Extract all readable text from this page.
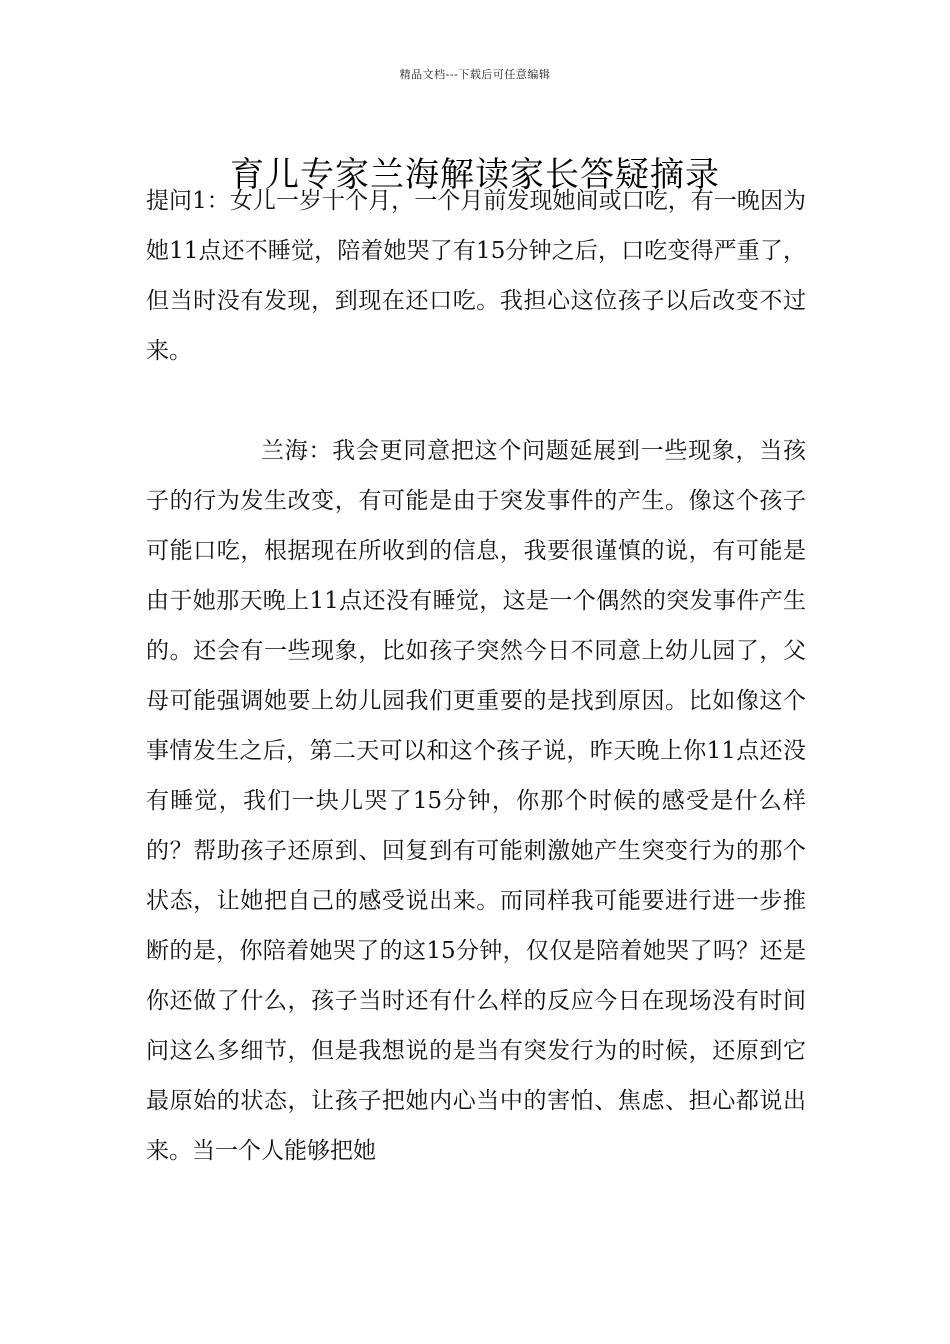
精品文档---下载后可任意编辑
育儿专家兰海解读家长答疑摘录

提问1：女儿一岁十个月，一个月前发现她间或口吃，有一晚因为她11点还不睡觉，陪着她哭了有15分钟之后，口吃变得严重了，但当时没有发现，到现在还口吃。我担心这位孩子以后改变不过来。

兰海：我会更同意把这个问题延展到一些现象，当孩子的行为发生改变，有可能是由于突发事件的产生。像这个孩子可能口吃，根据现在所收到的信息，我要很谨慎的说，有可能是由于她那天晚上11点还没有睡觉，这是一个偶然的突发事件产生的。还会有一些现象，比如孩子突然今日不同意上幼儿园了，父母可能强调她要上幼儿园我们更重要的是找到原因。比如像这个事情发生之后，第二天可以和这个孩子说，昨天晚上你11点还没有睡觉，我们一块儿哭了15分钟，你那个时候的感受是什么样的？帮助孩子还原到、回复到有可能刺激她产生突变行为的那个状态，让她把自己的感受说出来。而同样我可能要进行进一步推断的是，你陪着她哭了的这15分钟，仅仅是陪着她哭了吗？还是你还做了什么，孩子当时还有什么样的反应今日在现场没有时间问这么多细节，但是我想说的是当有突发行为的时候，还原到它最原始的状态，让孩子把她内心当中的害怕、焦虑、担心都说出来。当一个人能够把她
